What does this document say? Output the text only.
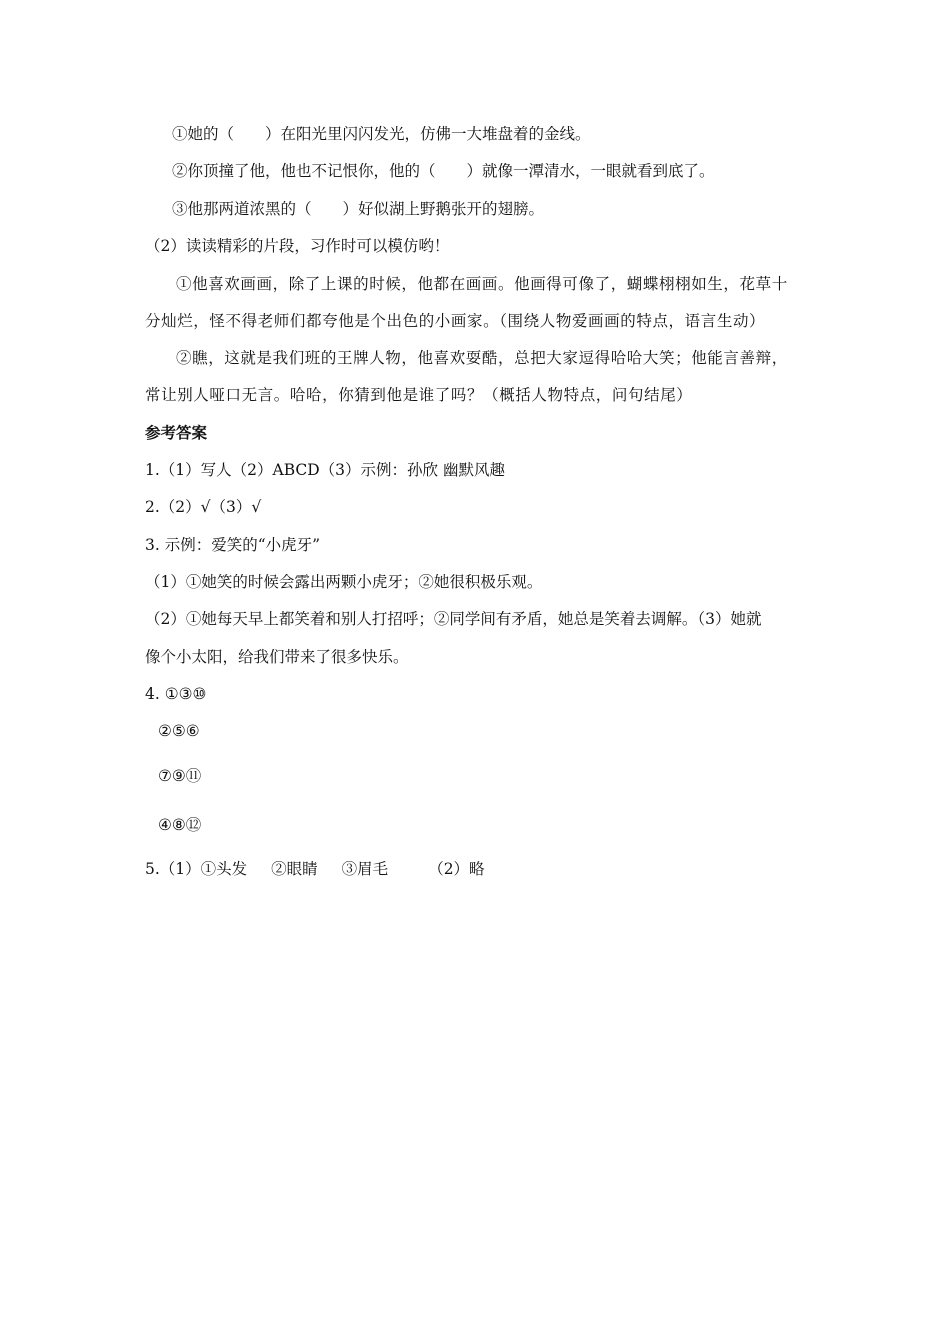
①她的（　　）在阳光里闪闪发光，仿佛一大堆盘着的金线。
②你顶撞了他，他也不记恨你，他的（　　）就像一潭清水，一眼就看到底了。
③他那两道浓黑的（　　）好似湖上野鹅张开的翅膀。
（2）读读精彩的片段，习作时可以模仿哟！
①他喜欢画画，除了上课的时候，他都在画画。他画得可像了，蝴蝶栩栩如生，花草十
分灿烂，怪不得老师们都夸他是个出色的小画家。（围绕人物爱画画的特点，语言生动）
②瞧，这就是我们班的王牌人物，他喜欢耍酷，总把大家逗得哈哈大笑；他能言善辩，
常让别人哑口无言。哈哈，你猜到他是谁了吗？（概括人物特点，问句结尾）
参考答案
1.（1）写人（2）ABCD（3）示例：孙欣 幽默风趣
2.（2）√（3）√
3. 示例：爱笑的“小虎牙”
（1）①她笑的时候会露出两颗小虎牙；②她很积极乐观。
（2）①她每天早上都笑着和别人打招呼；②同学间有矛盾，她总是笑着去调解。（3）她就
像个小太阳，给我们带来了很多快乐。
4. ①③⑩
②⑤⑥
⑦⑨⑪
④⑧⑫
5.（1）①头发 ②眼睛 ③眉毛	（2）略
